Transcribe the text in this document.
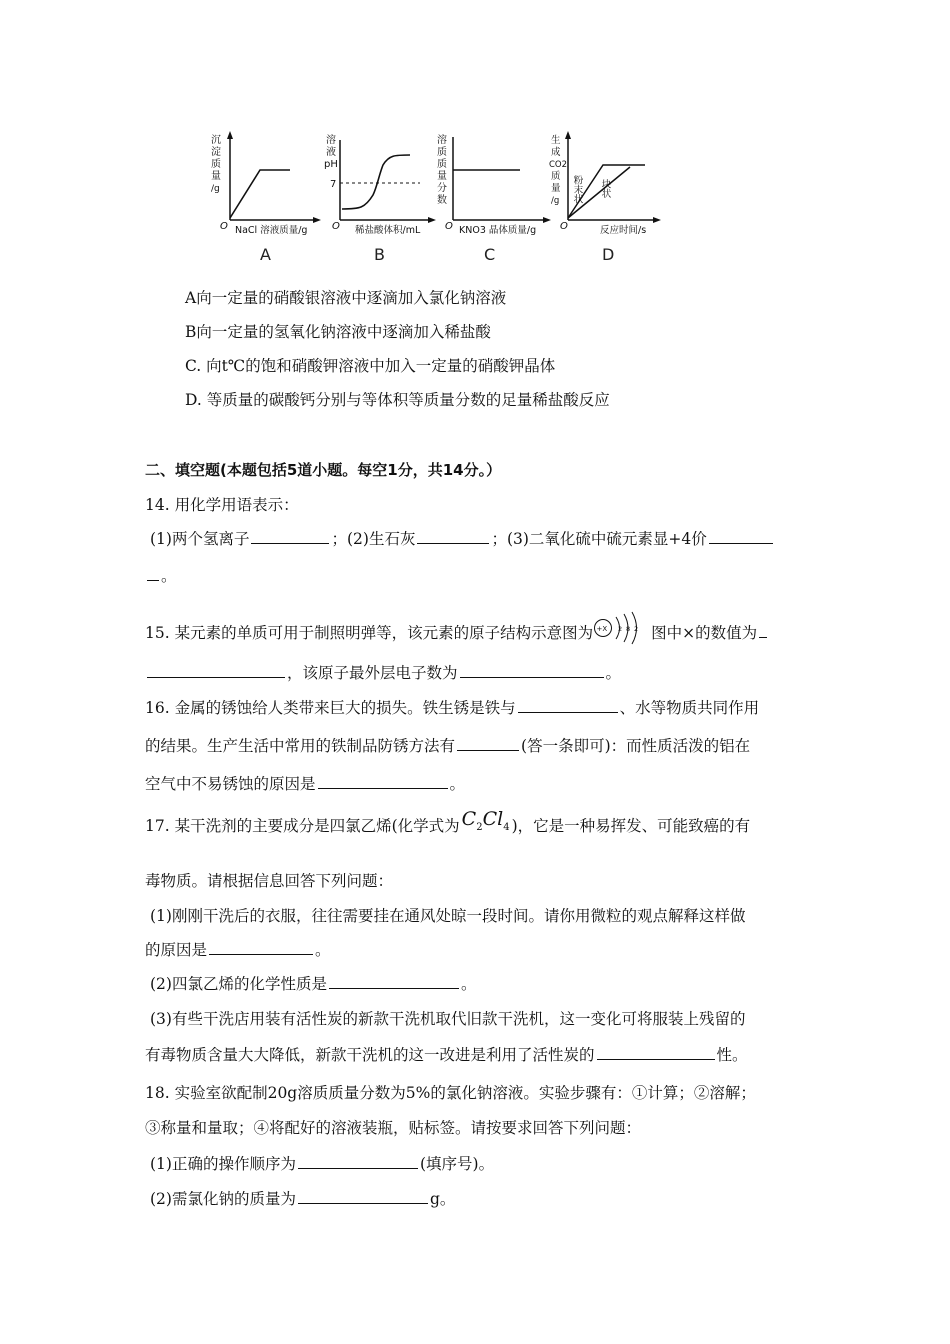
沉
淀
质
量
/g
O NaCl 溶液质量/g
溶
液
pH
7
O 稀盐酸体积/mL
溶
质
质
量
分
数
O KNO3 晶体质量/g
生
成
CO2
质
量
/g 粉末状 块状
O	反应时间/s
A	B	C	D
A向一定量的硝酸银溶液中逐滴加入氯化钠溶液
B向一定量的氢氧化钠溶液中逐滴加入稀盐酸
C. 向t℃的饱和硝酸钾溶液中加入一定量的硝酸钾晶体
D. 等质量的碳酸钙分别与等体积等质量分数的足量稀盐酸反应
二、填空题(本题包括5道小题。每空1分，共14分。）
14. 用化学用语表示：
(1)两个氢离子	；(2)生石灰	；(3)二氧化硫中硫元素显+4价
。
15. 某元素的单质可用于制照明弹等，该元素的原子结构示意图为 +X 2 8 2 图中×的数值为
，该原子最外层电子数为	。
16. 金属的锈蚀给人类带来巨大的损失。铁生锈是铁与	、水等物质共同作用
的结果。生产生活中常用的铁制品防锈方法有	(答一条即可)：而性质活泼的铝在
空气中不易锈蚀的原因是	。
17. 某干洗剂的主要成分是四氯乙烯(化学式为 $C_2Cl_4$ )，它是一种易挥发、可能致癌的有
毒物质。请根据信息回答下列问题：
(1)刚刚干洗后的衣服，往往需要挂在通风处晾一段时间。请你用微粒的观点解释这样做
的原因是	。
(2)四氯乙烯的化学性质是	。
(3)有些干洗店用装有活性炭的新款干洗机取代旧款干洗机，这一变化可将服装上残留的
有毒物质含量大大降低，新款干洗机的这一改进是利用了活性炭的	性。
18. 实验室欲配制20g溶质质量分数为5%的氯化钠溶液。实验步骤有：①计算；②溶解；
③称量和量取；④将配好的溶液装瓶，贴标签。请按要求回答下列问题：
(1)正确的操作顺序为	(填序号)。
(2)需氯化钠的质量为	g。
